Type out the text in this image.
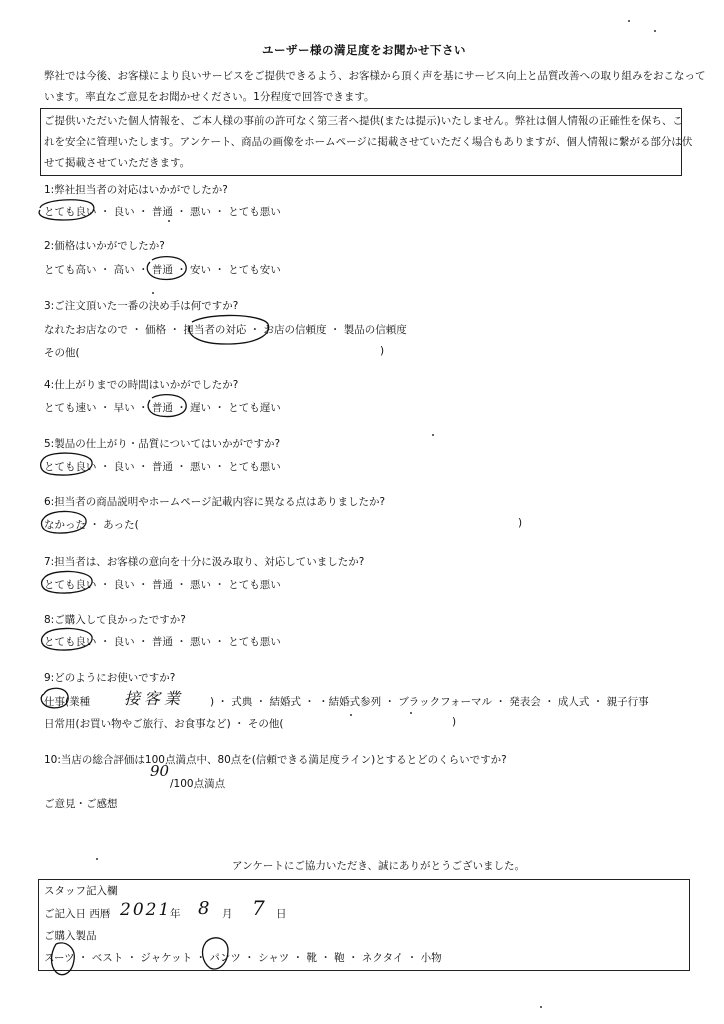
ユーザー様の満足度をお聞かせ下さい
弊社では今後、お客様により良いサービスをご提供できるよう、お客様から頂く声を基にサービス向上と品質改善への取り組みをおこなって
います。率直なご意見をお聞かせください。1分程度で回答できます。
ご提供いただいた個人情報を、ご本人様の事前の許可なく第三者へ提供(または提示)いたしません。弊社は個人情報の正確性を保ち、こ
れを安全に管理いたします。アンケート、商品の画像をホームページに掲載させていただく場合もありますが、個人情報に繋がる部分は伏
せて掲載させていただきます。
1:弊社担当者の対応はいかがでしたか?
とても良い ・ 良い ・ 普通 ・ 悪い ・ とても悪い
2:価格はいかがでしたか?
とても高い ・ 高い ・ 普通 ・ 安い ・ とても安い
3:ご注文頂いた一番の決め手は何ですか?
なれたお店なので ・ 価格 ・ 担当者の対応 ・ お店の信頼度 ・ 製品の信頼度
その他(	)
4:仕上がりまでの時間はいかがでしたか?
とても速い ・ 早い ・ 普通 ・ 遅い ・ とても遅い
5:製品の仕上がり・品質についてはいかがですか?
とても良い ・ 良い ・ 普通 ・ 悪い ・ とても悪い
6:担当者の商品説明やホームページ記載内容に異なる点はありましたか?
なかった ・ あった(	)
7:担当者は、お客様の意向を十分に汲み取り、対応していましたか?
とても良い ・ 良い ・ 普通 ・ 悪い ・ とても悪い
8:ご購入して良かったですか?
とても良い ・ 良い ・ 普通 ・ 悪い ・ とても悪い
9:どのようにお使いですか?
仕事(業種 接客業 ) ・ 式典 ・ 結婚式 ・ ・結婚式参列 ・ ブラックフォーマル ・ 発表会 ・ 成人式 ・ 親子行事
日常用(お買い物やご旅行、お食事など) ・ その他(	)
10:当店の総合評価は100点満点中、80点を(信頼できる満足度ライン)とするとどのくらいですか?
90
/100点満点
ご意見・ご感想
アンケートにご協力いただき、誠にありがとうございました。
スタッフ記入欄
ご記入日 西暦 2021
年 8 月 7 日
ご購入製品
スーツ ・ ベスト ・ ジャケット ・ パンツ ・ シャツ ・ 靴 ・ 鞄 ・ ネクタイ ・ 小物
